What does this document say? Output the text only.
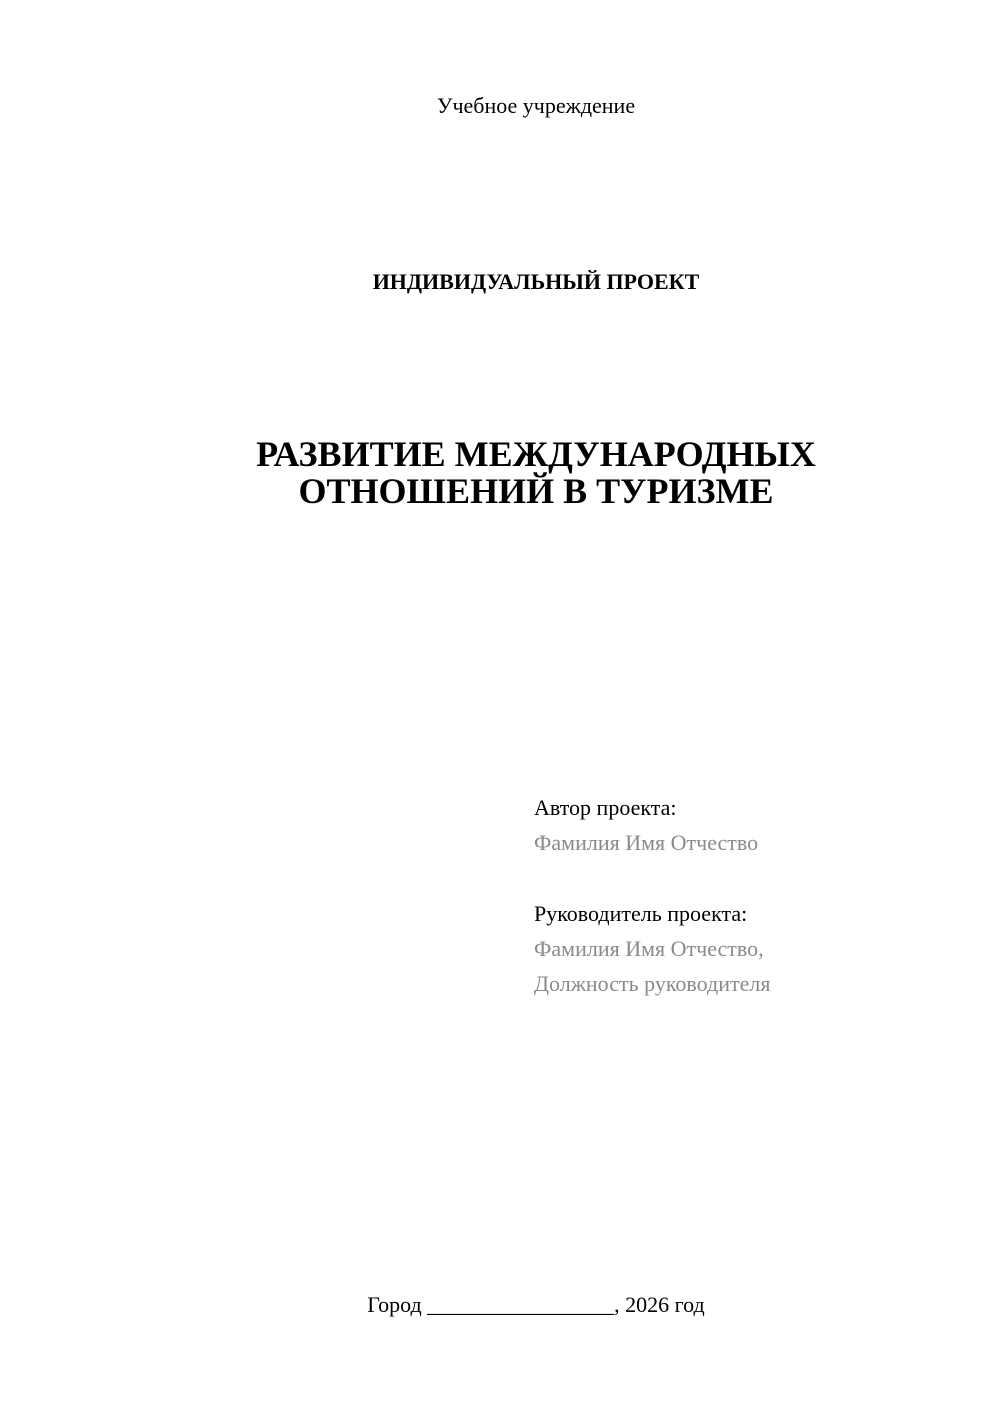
Учебное учреждение
ИНДИВИДУАЛЬНЫЙ ПРОЕКТ
РАЗВИТИЕ МЕЖДУНАРОДНЫХ
ОТНОШЕНИЙ В ТУРИЗМЕ
Автор проекта:
Фамилия Имя Отчество
Руководитель проекта:
Фамилия Имя Отчество,
Должность руководителя
Город _________________, 2026 год
